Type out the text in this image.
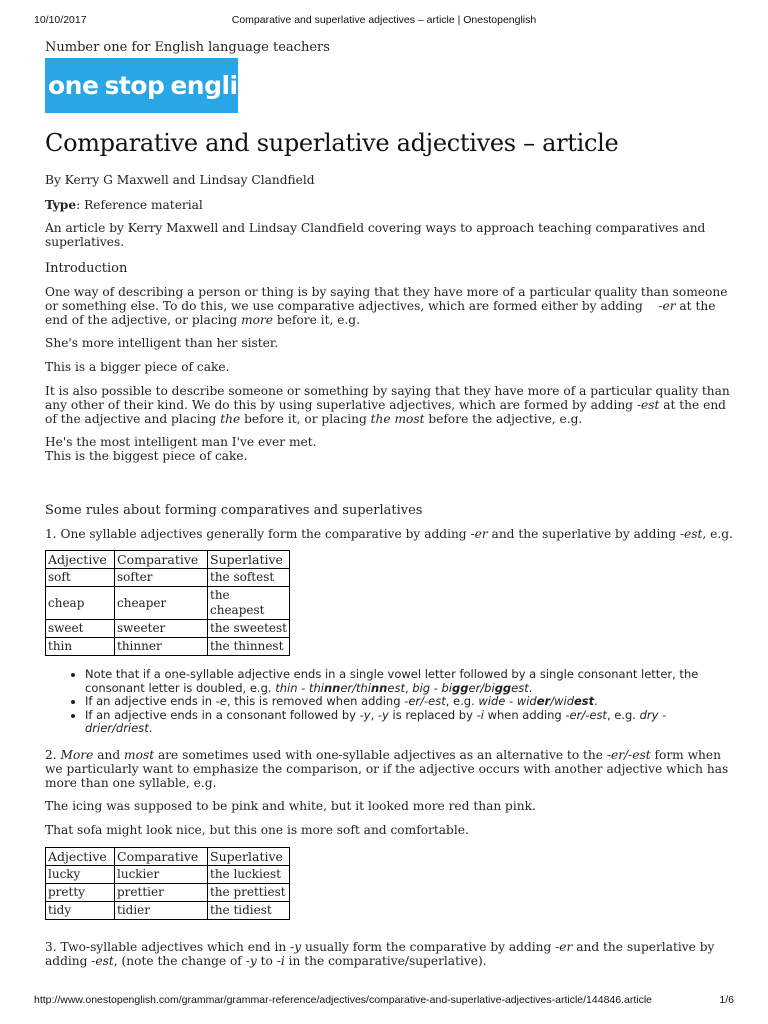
10/10/2017	Comparative and superlative adjectives – article | Onestopenglish
Number one for English language teachers
one stop english
Comparative and superlative adjectives – article

By Kerry G Maxwell and Lindsay Clandfield

Type: Reference material

An article by Kerry Maxwell and Lindsay Clandfield covering ways to approach teaching comparatives and superlatives.

Introduction

One way of describing a person or thing is by saying that they have more of a particular quality than someone or something else. To do this, we use comparative adjectives, which are formed either by adding -er at the end of the adjective, or placing more before it, e.g.

She's more intelligent than her sister.

This is a bigger piece of cake.

It is also possible to describe someone or something by saying that they have more of a particular quality than any other of their kind. We do this by using superlative adjectives, which are formed by adding -est at the end of the adjective and placing the before it, or placing the most before the adjective, e.g.

He's the most intelligent man I've ever met.
This is the biggest piece of cake.

Some rules about forming comparatives and superlatives

1. One syllable adjectives generally form the comparative by adding -er and the superlative by adding -est, e.g.

Adjective	Comparative	Superlative
soft	softer	the softest
cheap	cheaper	the cheapest
sweet	sweeter	the sweetest
thin	thinner	the thinnest
• Note that if a one-syllable adjective ends in a single vowel letter followed by a single consonant letter, the consonant letter is doubled, e.g. thin - thinner/thinnest, big - bigger/biggest.
• If an adjective ends in -e, this is removed when adding -er/-est, e.g. wide - wider/widest.
• If an adjective ends in a consonant followed by -y, -y is replaced by -i when adding -er/-est, e.g. dry - drier/driest.

2. More and most are sometimes used with one-syllable adjectives as an alternative to the -er/-est form when we particularly want to emphasize the comparison, or if the adjective occurs with another adjective which has more than one syllable, e.g.

The icing was supposed to be pink and white, but it looked more red than pink.

That sofa might look nice, but this one is more soft and comfortable.

Adjective	Comparative	Superlative
lucky	luckier	the luckiest
pretty	prettier	the prettiest
tidy	tidier	the tidiest

3. Two-syllable adjectives which end in -y usually form the comparative by adding -er and the superlative by adding -est, (note the change of -y to -i in the comparative/superlative).

http://www.onestopenglish.com/grammar/grammar-reference/adjectives/comparative-and-superlative-adjectives-article/144846.article	1/6
